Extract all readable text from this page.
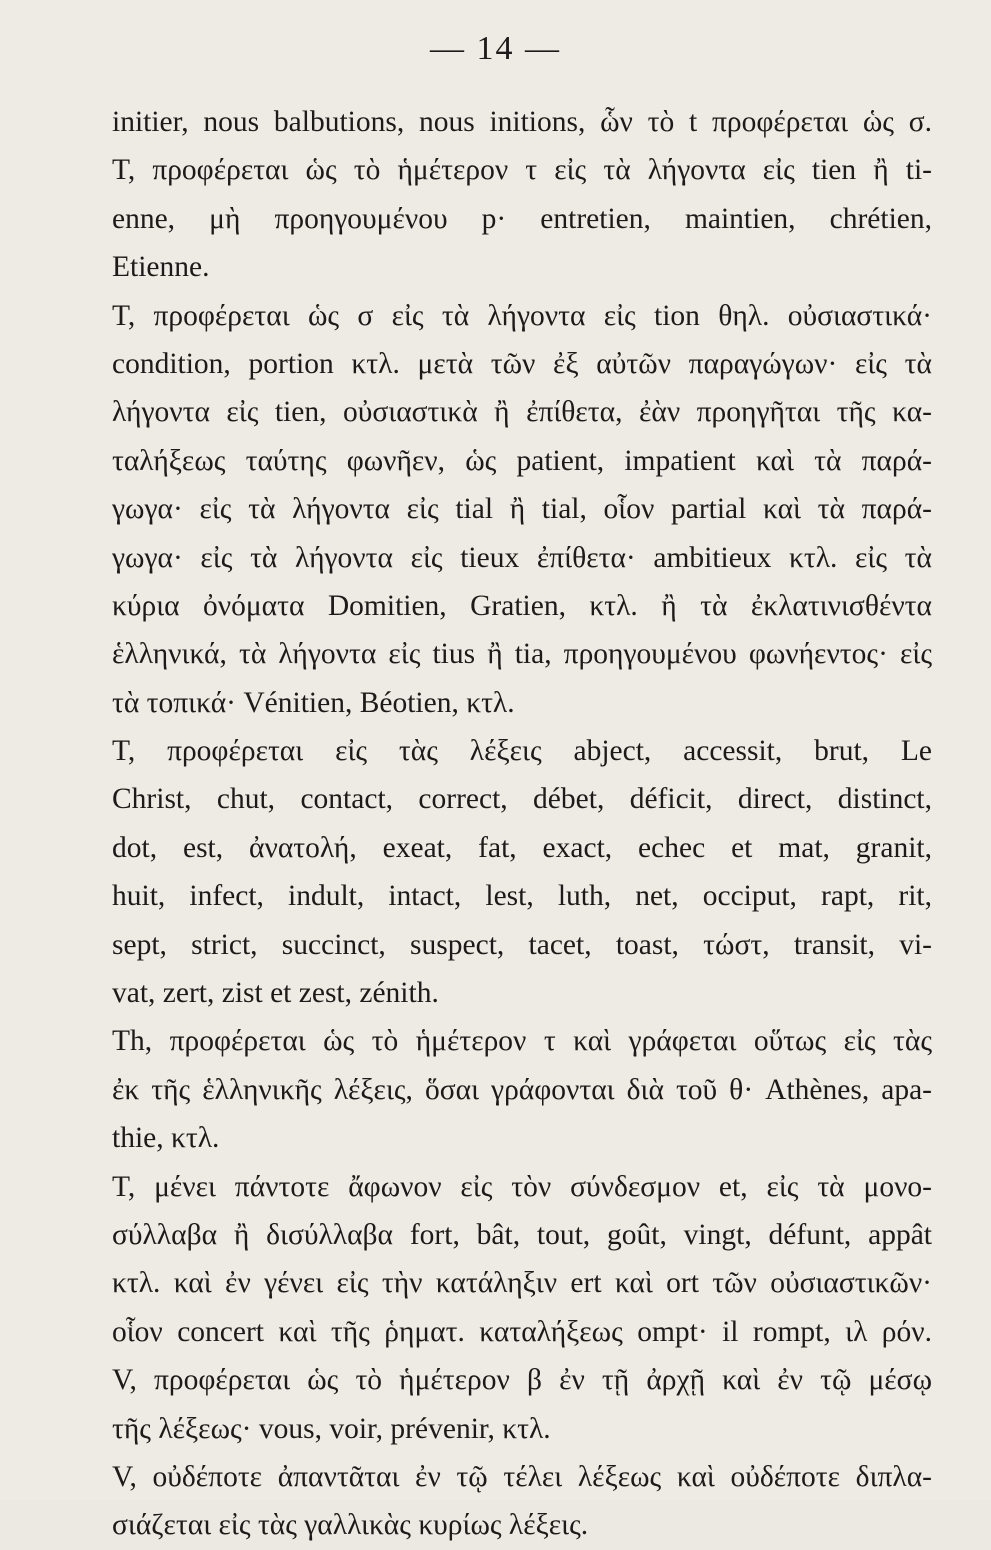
— 14 —
initier, nous balbutions, nous initions, ὧν τὸ t προφέρεται ὡς σ.
T, προφέρεται ὡς τὸ ἡμέτερον τ εἰς τὰ λήγοντα εἰς tien ἢ ti-
enne, μὴ προηγουμένου p· entretien, maintien, chrétien,
Etienne.
T, προφέρεται ὡς σ εἰς τὰ λήγοντα εἰς tion θηλ. οὐσιαστικά·
condition, portion κτλ. μετὰ τῶν ἐξ αὐτῶν παραγώγων· εἰς τὰ
λήγοντα εἰς tien, οὐσιαστικὰ ἢ ἐπίθετα, ἐὰν προηγῆται τῆς κα-
ταλήξεως ταύτης φωνῆεν, ὡς patient, impatient καὶ τὰ παρά-
γωγα· εἰς τὰ λήγοντα εἰς tial ἢ tial, οἷον partial καὶ τὰ παρά-
γωγα· εἰς τὰ λήγοντα εἰς tieux ἐπίθετα· ambitieux κτλ. εἰς τὰ
κύρια ὀνόματα Domitien, Gratien, κτλ. ἢ τὰ ἐκλατινισθέντα
ἑλληνικά, τὰ λήγοντα εἰς tius ἢ tia, προηγουμένου φωνήεντος· εἰς
τὰ τοπικά· Vénitien, Béotien, κτλ.
T, προφέρεται εἰς τὰς λέξεις abject, accessit, brut, Le
Christ, chut, contact, correct, débet, déficit, direct, distinct,
dot, est, ἀνατολή, exeat, fat, exact, echec et mat, granit,
huit, infect, indult, intact, lest, luth, net, occiput, rapt, rit,
sept, strict, succinct, suspect, tacet, toast, τώστ, transit, vi-
vat, zert, zist et zest, zénith.
Th, προφέρεται ὡς τὸ ἡμέτερον τ καὶ γράφεται οὕτως εἰς τὰς
ἐκ τῆς ἑλληνικῆς λέξεις, ὅσαι γράφονται διὰ τοῦ θ· Athènes, apa-
thie, κτλ.
T, μένει πάντοτε ἄφωνον εἰς τὸν σύνδεσμον et, εἰς τὰ μονο-
σύλλαβα ἢ δισύλλαβα fort, bât, tout, goût, vingt, défunt, appât
κτλ. καὶ ἐν γένει εἰς τὴν κατάληξιν ert καὶ ort τῶν οὐσιαστικῶν·
οἷον concert καὶ τῆς ῥηματ. καταλήξεως ompt· il rompt, ιλ ρόν.
V, προφέρεται ὡς τὸ ἡμέτερον β ἐν τῇ ἀρχῇ καὶ ἐν τῷ μέσῳ
τῆς λέξεως· vous, voir, prévenir, κτλ.
V, οὐδέποτε ἀπαντᾶται ἐν τῷ τέλει λέξεως καὶ οὐδέποτε διπλα-
σιάζεται εἰς τὰς γαλλικὰς κυρίως λέξεις.
